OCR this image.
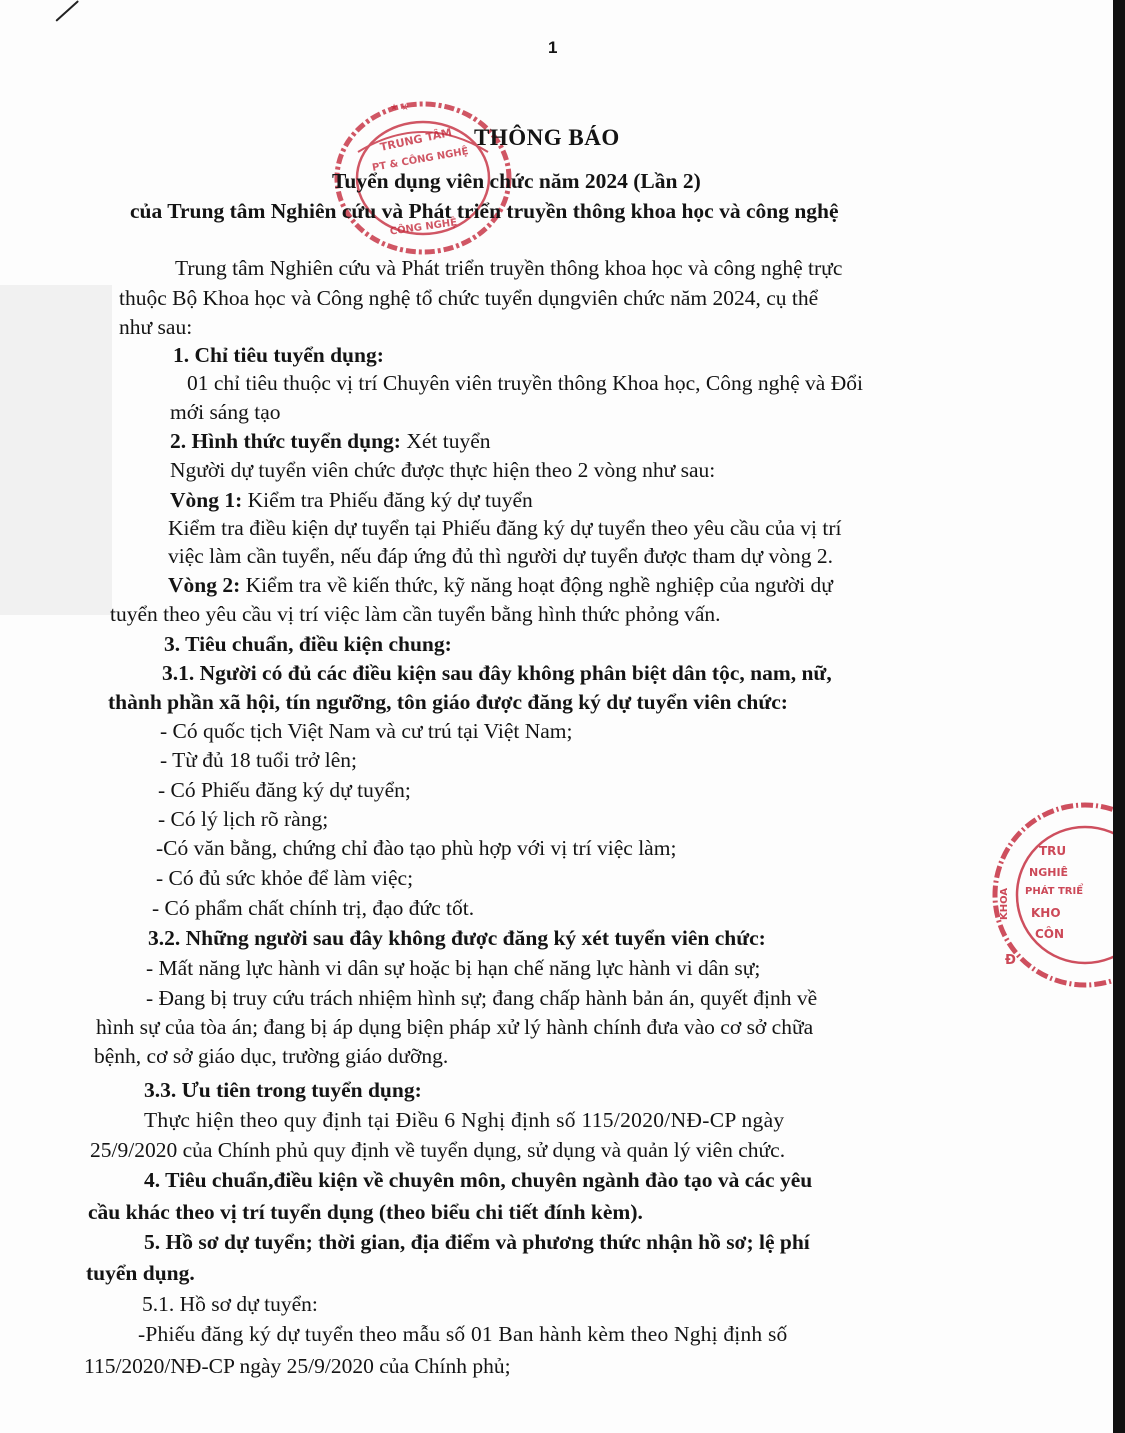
1
TRUNG TÂM
PT & CÔNG NGHỆ
CÔNG NGHỆ
★ ★
TRU
NGHIÊ
PHÁT TRIỂ
KHO
CÔN
KHOA
Đ
THÔNG BÁO
Tuyển dụng viên chức năm 2024 (Lần 2)
của Trung tâm Nghiên cứu và Phát triển truyền thông khoa học và công nghệ
Trung tâm Nghiên cứu và Phát triển truyền thông khoa học và công nghệ trực
thuộc Bộ Khoa học và Công nghệ tổ chức tuyển dụngviên chức năm 2024, cụ thể
như sau:
1. Chỉ tiêu tuyển dụng:
01 chỉ tiêu thuộc vị trí Chuyên viên truyền thông Khoa học, Công nghệ và Đổi
mới sáng tạo
2. Hình thức tuyển dụng: Xét tuyển
Người dự tuyển viên chức được thực hiện theo 2 vòng như sau:
Vòng 1: Kiểm tra Phiếu đăng ký dự tuyển
Kiểm tra điều kiện dự tuyển tại Phiếu đăng ký dự tuyển theo yêu cầu của vị trí
việc làm cần tuyển, nếu đáp ứng đủ thì người dự tuyển được tham dự vòng 2.
Vòng 2: Kiểm tra về kiến thức, kỹ năng hoạt động nghề nghiệp của người dự
tuyển theo yêu cầu vị trí việc làm cần tuyển bằng hình thức phỏng vấn.
3. Tiêu chuẩn, điều kiện chung:
3.1. Người có đủ các điều kiện sau đây không phân biệt dân tộc, nam, nữ,
thành phần xã hội, tín ngưỡng, tôn giáo được đăng ký dự tuyển viên chức:
- Có quốc tịch Việt Nam và cư trú tại Việt Nam;
- Từ đủ 18 tuổi trở lên;
- Có Phiếu đăng ký dự tuyển;
- Có lý lịch rõ ràng;
-Có văn bằng, chứng chỉ đào tạo phù hợp với vị trí việc làm;
- Có đủ sức khỏe để làm việc;
- Có phẩm chất chính trị, đạo đức tốt.
3.2. Những người sau đây không được đăng ký xét tuyển viên chức:
- Mất năng lực hành vi dân sự hoặc bị hạn chế năng lực hành vi dân sự;
- Đang bị truy cứu trách nhiệm hình sự; đang chấp hành bản án, quyết định về
hình sự của tòa án; đang bị áp dụng biện pháp xử lý hành chính đưa vào cơ sở chữa
bệnh, cơ sở giáo dục, trường giáo dưỡng.
3.3. Ưu tiên trong tuyển dụng:
Thực hiện theo quy định tại Điều 6 Nghị định số 115/2020/NĐ-CP ngày
25/9/2020 của Chính phủ quy định về tuyển dụng, sử dụng và quản lý viên chức.
4. Tiêu chuẩn,điều kiện về chuyên môn, chuyên ngành đào tạo và các yêu
cầu khác theo vị trí tuyển dụng (theo biểu chi tiết đính kèm).
5. Hồ sơ dự tuyển; thời gian, địa điểm và phương thức nhận hồ sơ; lệ phí
tuyển dụng.
5.1. Hồ sơ dự tuyển:
-Phiếu đăng ký dự tuyển theo mẫu số 01 Ban hành kèm theo Nghị định số
115/2020/NĐ-CP ngày 25/9/2020 của Chính phủ;
